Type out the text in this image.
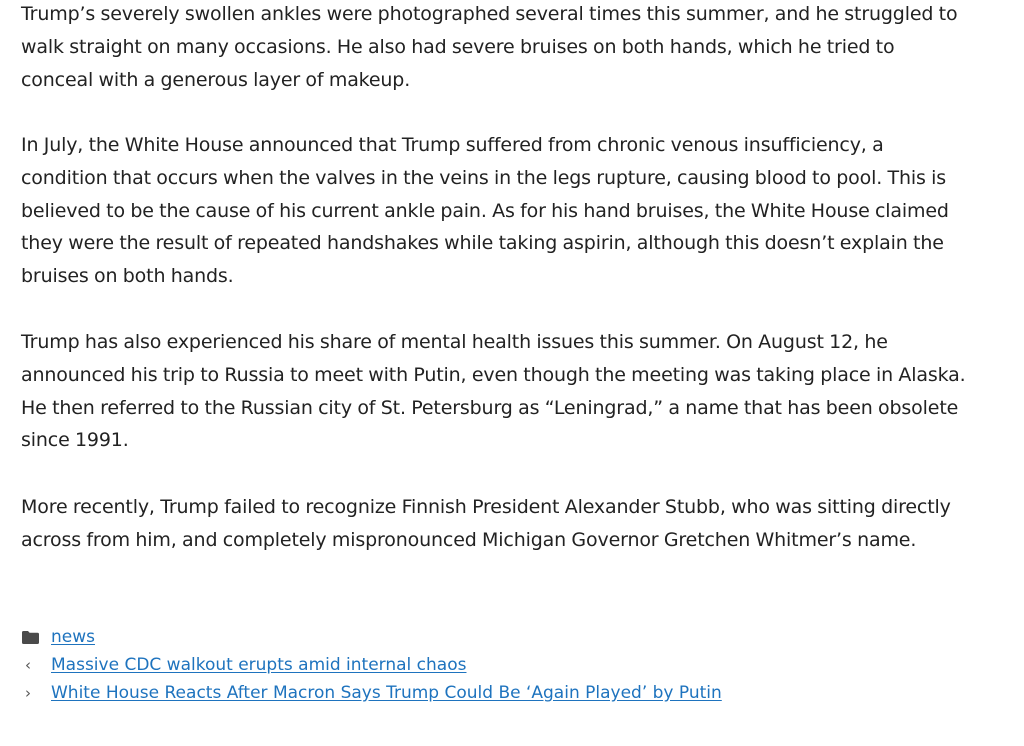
Trump’s severely swollen ankles were photographed several times this summer, and he struggled to walk straight on many occasions. He also had severe bruises on both hands, which he tried to conceal with a generous layer of makeup.

In July, the White House announced that Trump suffered from chronic venous insufficiency, a condition that occurs when the valves in the veins in the legs rupture, causing blood to pool. This is believed to be the cause of his current ankle pain. As for his hand bruises, the White House claimed they were the result of repeated handshakes while taking aspirin, although this doesn’t explain the bruises on both hands.

Trump has also experienced his share of mental health issues this summer. On August 12, he announced his trip to Russia to meet with Putin, even though the meeting was taking place in Alaska. He then referred to the Russian city of St. Petersburg as “Leningrad,” a name that has been obsolete since 1991.

More recently, Trump failed to recognize Finnish President Alexander Stubb, who was sitting directly across from him, and completely mispronounced Michigan Governor Gretchen Whitmer’s name.

news
‹	Massive CDC walkout erupts amid internal chaos
›	White House Reacts After Macron Says Trump Could Be ‘Again Played’ by Putin
